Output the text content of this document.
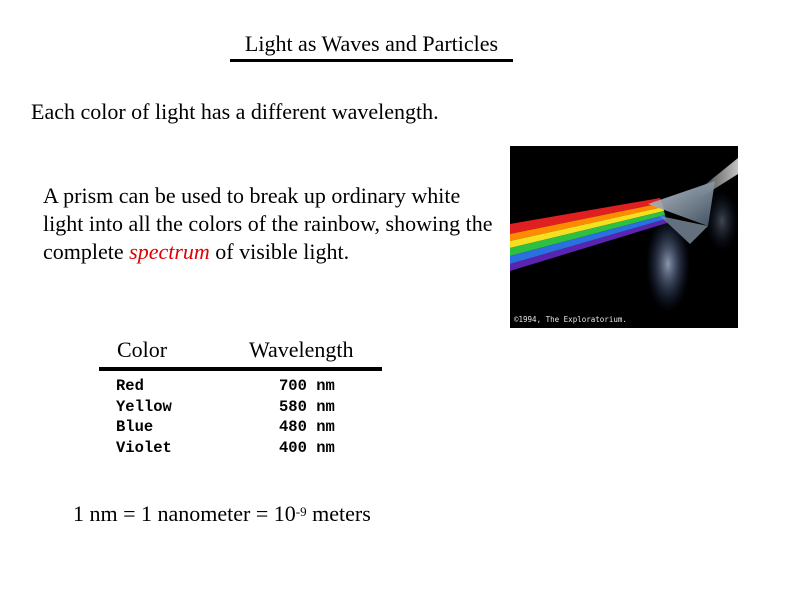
Light as Waves and Particles
Each color of light has a different wavelength.
A prism can be used to break up ordinary white light into all the colors of the rainbow, showing the complete spectrum of visible light.
©1994, The Exploratorium.
Color	Wavelength
Red	700 nm
Yellow	580 nm
Blue	480 nm
Violet	400 nm
1 nm = 1 nanometer = $10^{-9}$ meters
